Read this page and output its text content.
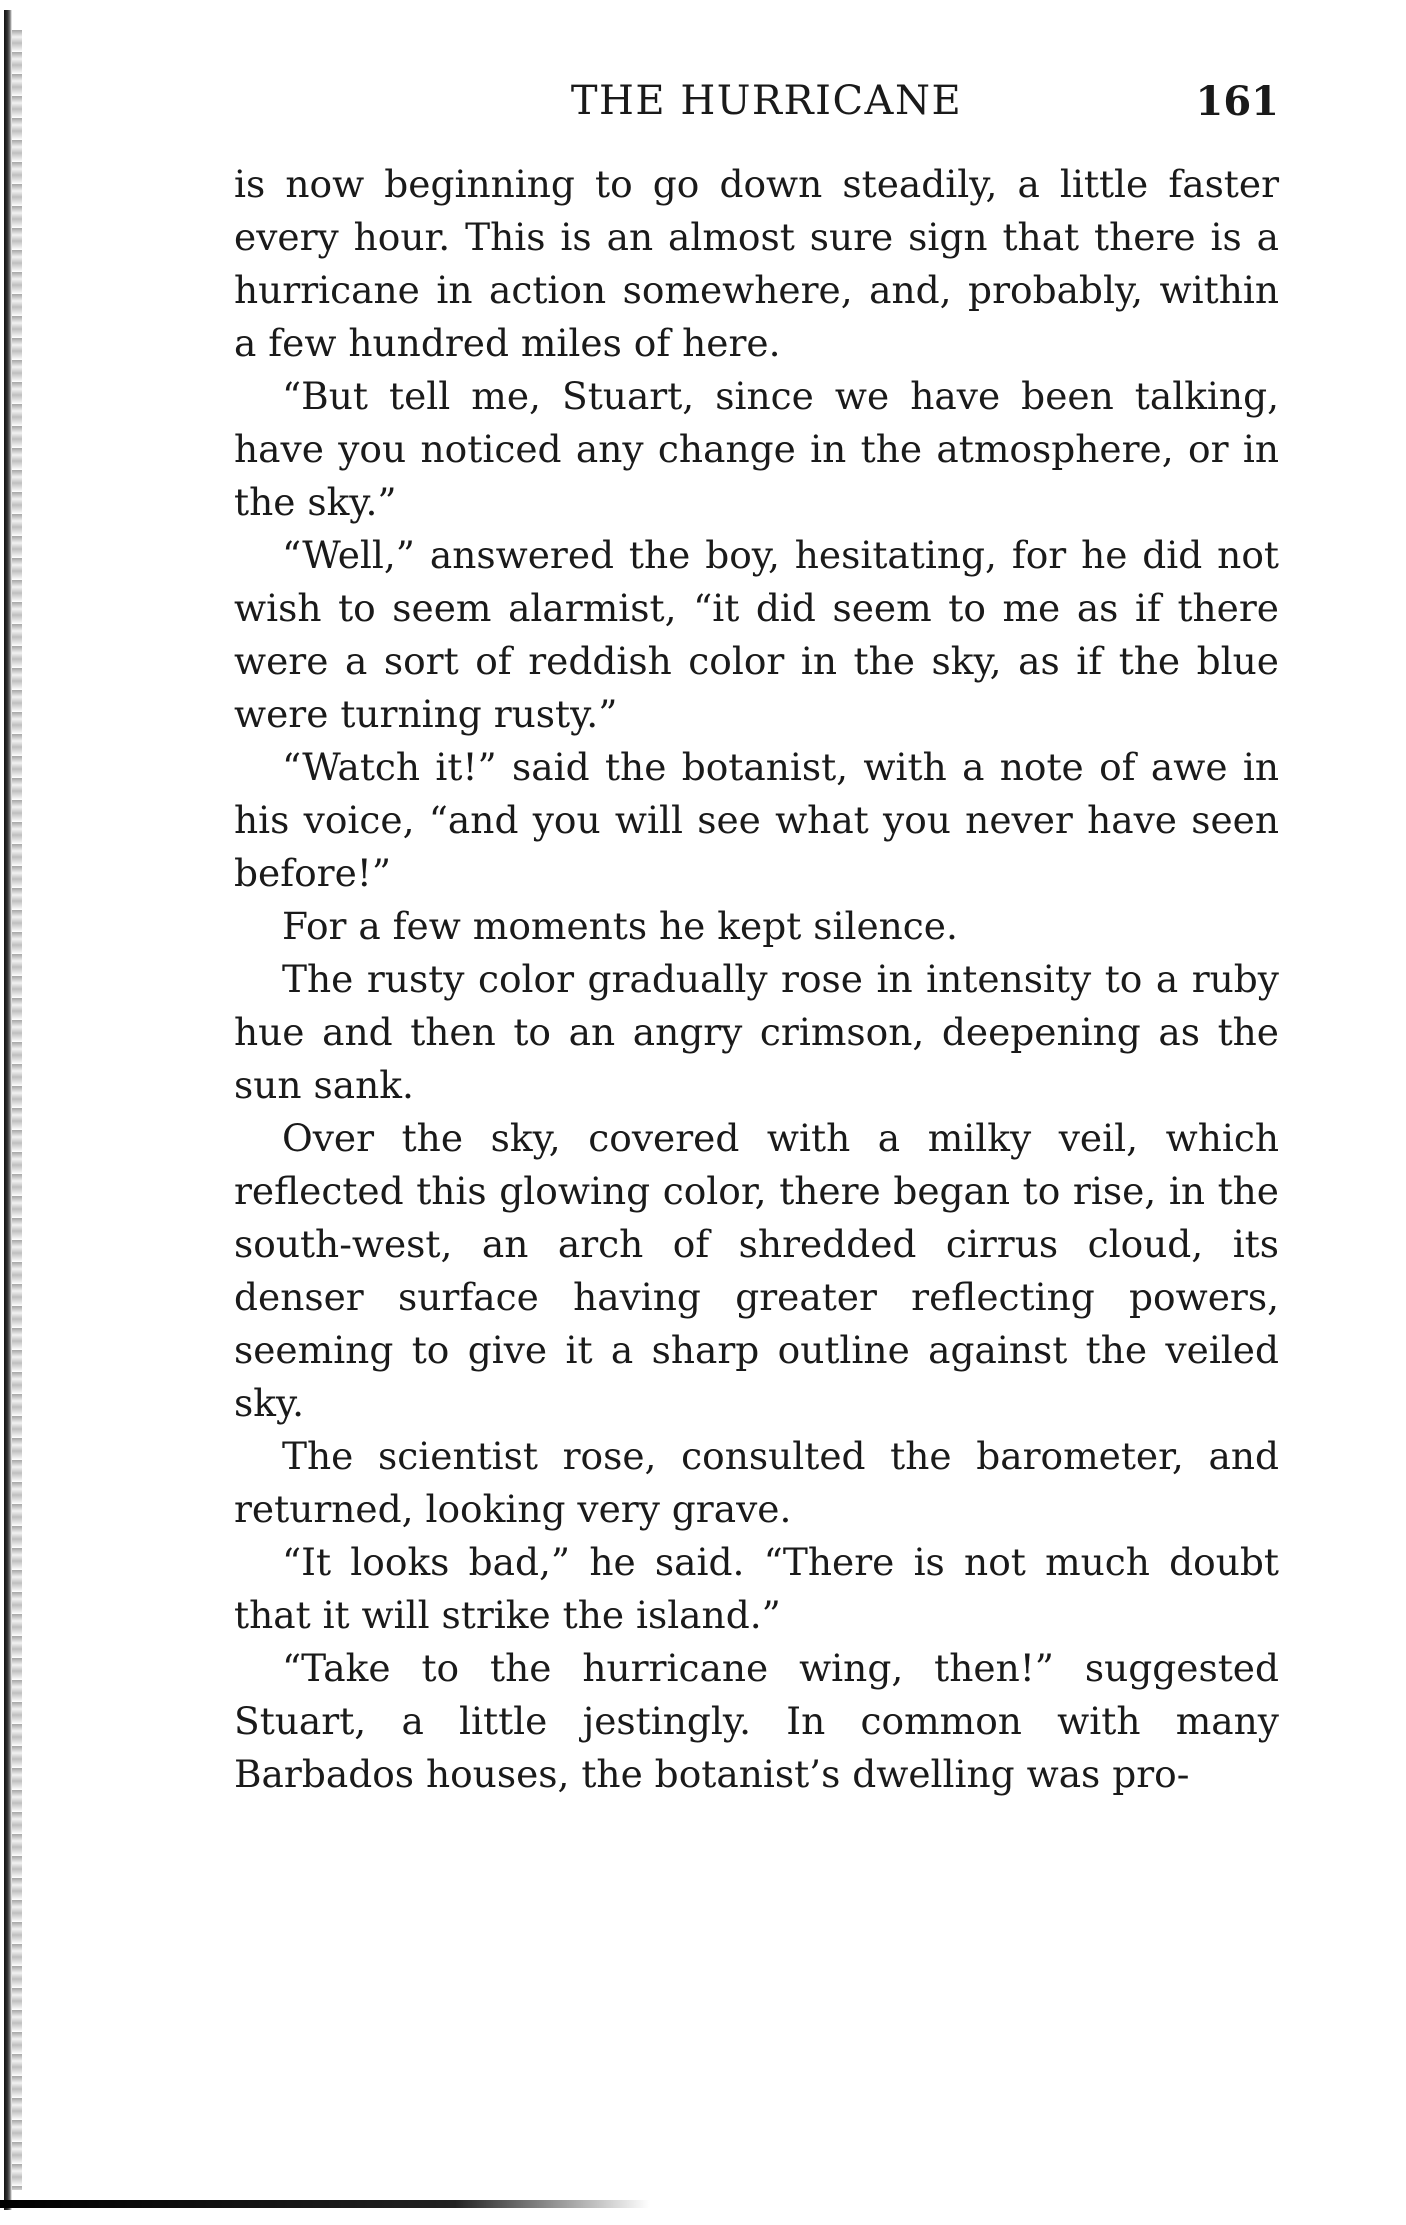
THE HURRICANE	161

is now beginning to go down steadily, a little faster every hour. This is an almost sure sign that there is a hurricane in action somewhere, and, probably, within a few hundred miles of here.

“But tell me, Stuart, since we have been talking, have you noticed any change in the atmosphere, or in the sky.”

“Well,” answered the boy, hesitating, for he did not wish to seem alarmist, “it did seem to me as if there were a sort of reddish color in the sky, as if the blue were turning rusty.”

“Watch it!” said the botanist, with a note of awe in his voice, “and you will see what you never have seen before!”

For a few moments he kept silence.

The rusty color gradually rose in intensity to a ruby hue and then to an angry crimson, deepening as the sun sank.

Over the sky, covered with a milky veil, which reflected this glowing color, there began to rise, in the south-west, an arch of shredded cirrus cloud, its denser surface having greater reflecting powers, seeming to give it a sharp outline against the veiled sky.

The scientist rose, consulted the barometer, and returned, looking very grave.

“It looks bad,” he said. “There is not much doubt that it will strike the island.”

“Take to the hurricane wing, then!” suggested Stuart, a little jestingly. In common with many Barbados houses, the botanist’s dwelling was pro-
